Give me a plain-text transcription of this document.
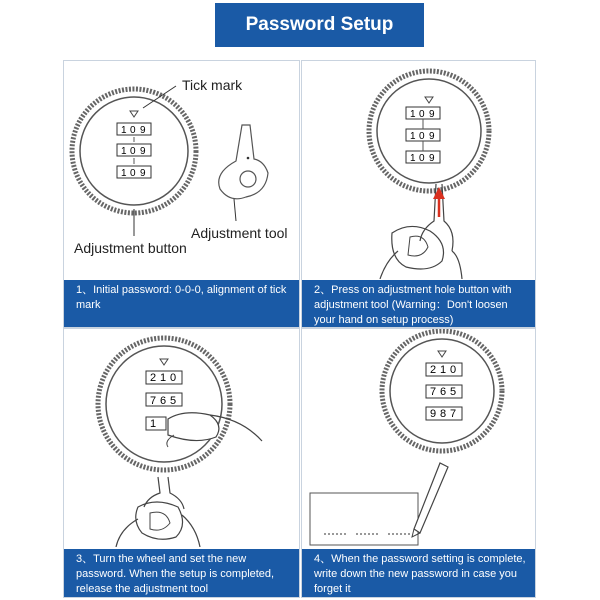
Password Setup
1 0 9
1 0 9
1 0 9
Tick mark
Adjustment tool
Adjustment button
1、Initial password: 0-0-0, alignment of tick mark
1 0 9
1 0 9
1 0 9
2、Press on adjustment hole button with adjustment tool (Warning：Don't loosen your hand on setup process)
2 1 0
7 6 5
1
3、Turn the wheel and set the new password. When the setup is completed, release the adjustment tool
2 1 0
7 6 5
9 8 7
4、When the password setting is complete, write down the new password in case you forget it
